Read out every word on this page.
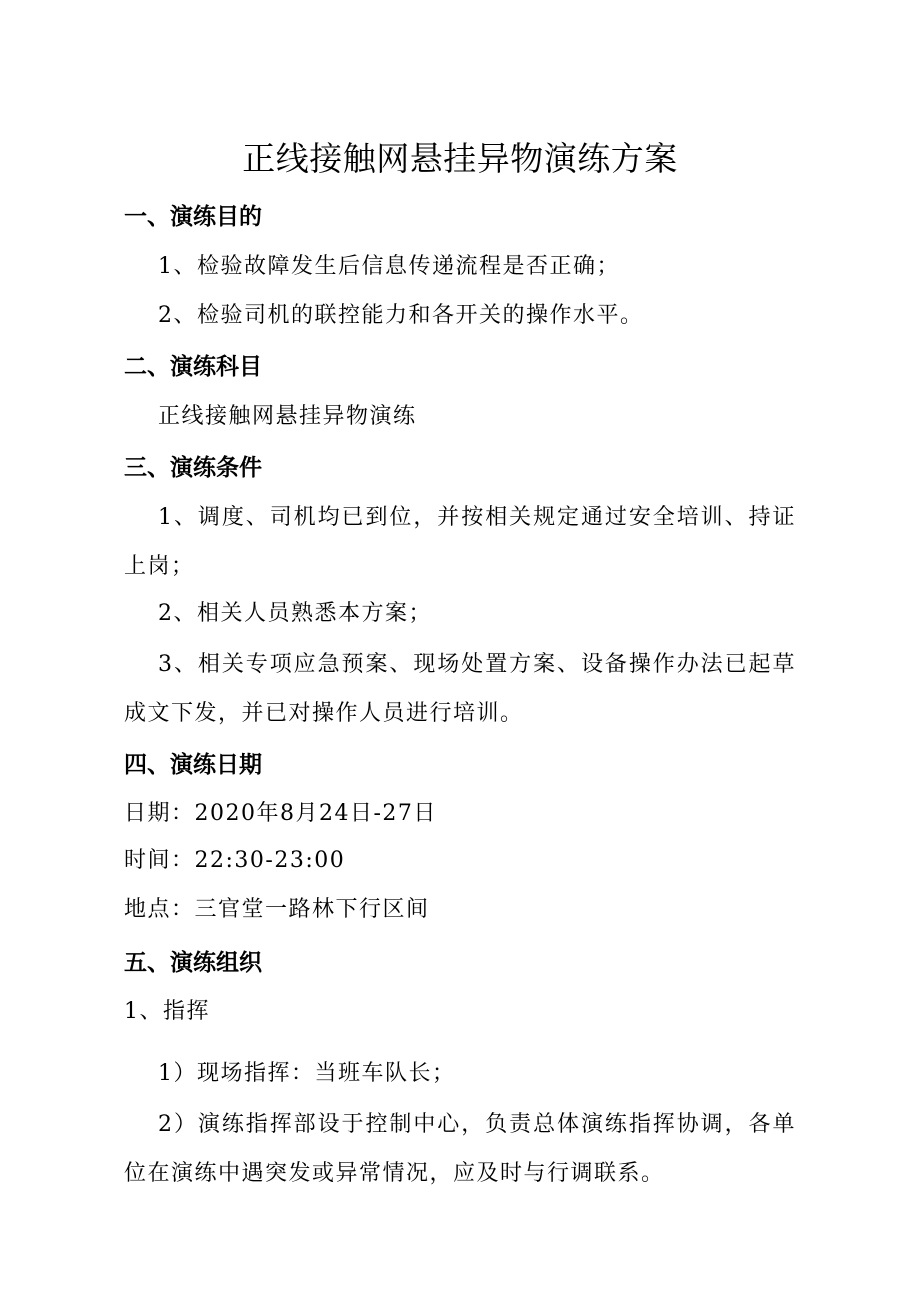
正线接触网悬挂异物演练方案
一、演练目的
1、检验故障发生后信息传递流程是否正确；
2、检验司机的联控能力和各开关的操作水平。
二、演练科目
正线接触网悬挂异物演练
三、演练条件
1、调度、司机均已到位，并按相关规定通过安全培训、持证上岗；
2、相关人员熟悉本方案；
3、相关专项应急预案、现场处置方案、设备操作办法已起草成文下发，并已对操作人员进行培训。
四、演练日期
日期：2020年8月24日-27日
时间：22:30-23:00
地点：三官堂一路林下行区间
五、演练组织
1、指挥
1）现场指挥：当班车队长；
2）演练指挥部设于控制中心，负责总体演练指挥协调，各单位在演练中遇突发或异常情况，应及时与行调联系。
